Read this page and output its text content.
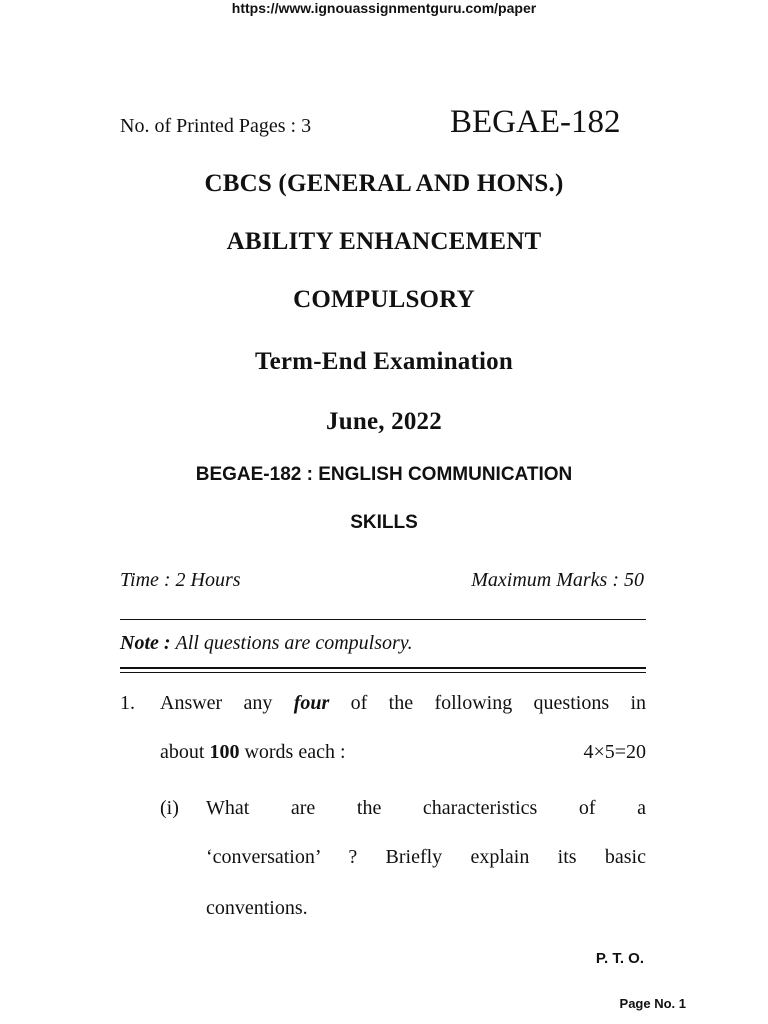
https://www.ignouassignmentguru.com/paper
No. of Printed Pages : 3	BEGAE-182
CBCS (GENERAL AND HONS.)
ABILITY ENHANCEMENT
COMPULSORY
Term-End Examination
June, 2022
BEGAE-182 : ENGLISH COMMUNICATION
SKILLS
Time : 2 Hours	Maximum Marks : 50
Note : All questions are compulsory.
1. Answer any four of the following questions in
about 100 words each :	4×5=20
(i) What are the characteristics of a
‘conversation’ ? Briefly explain its basic
conventions.
P. T. O.
Page No. 1
